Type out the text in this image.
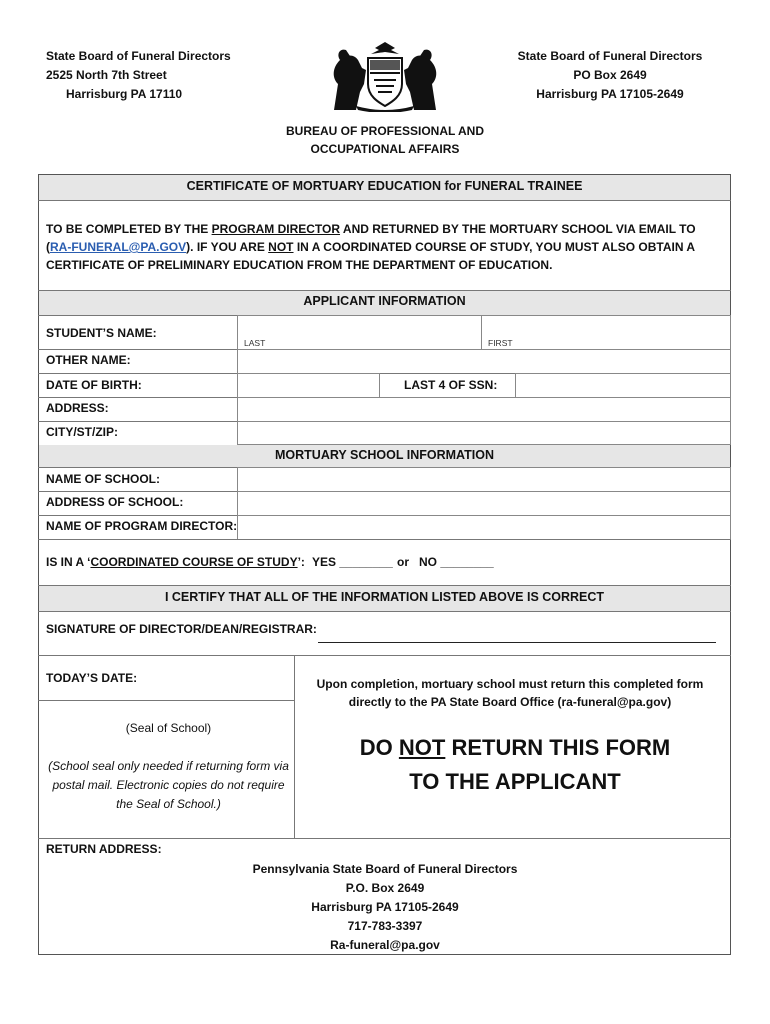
State Board of Funeral Directors
2525 North 7th Street
Harrisburg PA 17110
State Board of Funeral Directors
PO Box 2649
Harrisburg PA 17105-2649
BUREAU OF PROFESSIONAL AND
OCCUPATIONAL AFFAIRS
CERTIFICATE OF MORTUARY EDUCATION for FUNERAL TRAINEE
TO BE COMPLETED BY THE PROGRAM DIRECTOR AND RETURNED BY THE MORTUARY SCHOOL VIA EMAIL TO (RA-FUNERAL@PA.GOV). IF YOU ARE NOT IN A COORDINATED COURSE OF STUDY, YOU MUST ALSO OBTAIN A CERTIFICATE OF PRELIMINARY EDUCATION FROM THE DEPARTMENT OF EDUCATION.
APPLICANT INFORMATION
STUDENT’S NAME:
LAST	FIRST
OTHER NAME:
DATE OF BIRTH:	LAST 4 OF SSN:
ADDRESS:
CITY/ST/ZIP:
MORTUARY SCHOOL INFORMATION
NAME OF SCHOOL:
ADDRESS OF SCHOOL:
NAME OF PROGRAM DIRECTOR:
IS IN A ‘COORDINATED COURSE OF STUDY’: YES ________ or NO ________
I CERTIFY THAT ALL OF THE INFORMATION LISTED ABOVE IS CORRECT
SIGNATURE OF DIRECTOR/DEAN/REGISTRAR:
TODAY’S DATE:
(Seal of School)
(School seal only needed if returning form via postal mail. Electronic copies do not require the Seal of School.)
Upon completion, mortuary school must return this completed form directly to the PA State Board Office (ra-funeral@pa.gov)
DO NOT RETURN THIS FORM
TO THE APPLICANT
RETURN ADDRESS:
Pennsylvania State Board of Funeral Directors
P.O. Box 2649
Harrisburg PA 17105-2649
717-783-3397
Ra-funeral@pa.gov
